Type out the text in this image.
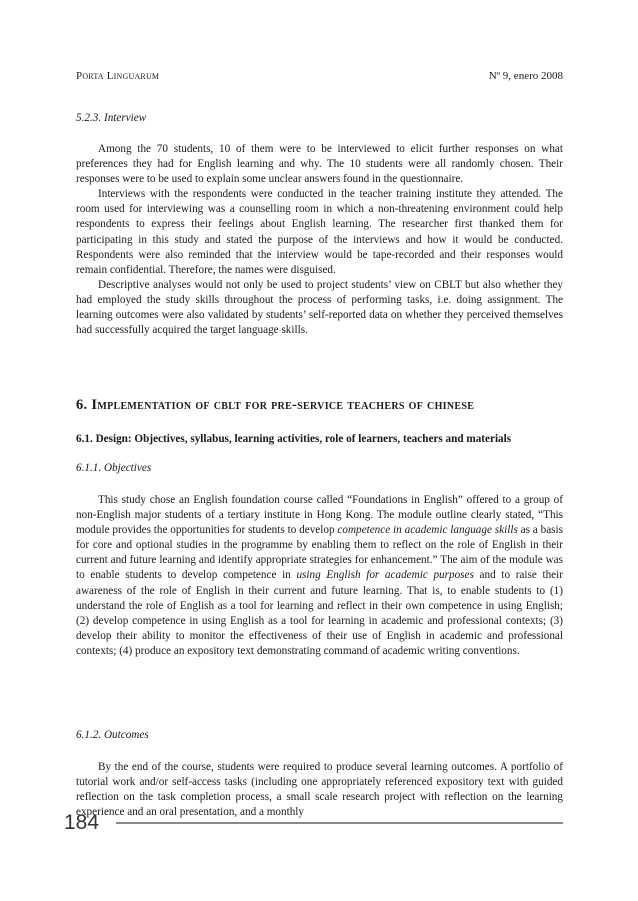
Porta Linguarum	Nº 9, enero 2008
5.2.3. Interview

Among the 70 students, 10 of them were to be interviewed to elicit further responses on what preferences they had for English learning and why. The 10 students were all randomly chosen. Their responses were to be used to explain some unclear answers found in the questionnaire.

Interviews with the respondents were conducted in the teacher training institute they attended. The room used for interviewing was a counselling room in which a non-threatening environment could help respondents to express their feelings about English learning. The researcher first thanked them for participating in this study and stated the purpose of the interviews and how it would be conducted. Respondents were also reminded that the interview would be tape-recorded and their responses would remain confidential. Therefore, the names were disguised.

Descriptive analyses would not only be used to project students’ view on CBLT but also whether they had employed the study skills throughout the process of performing tasks, i.e. doing assignment. The learning outcomes were also validated by students’ self-reported data on whether they perceived themselves had successfully acquired the target language skills.

6. Implementation of cblt for pre-service teachers of chinese
6.1. Design: Objectives, syllabus, learning activities, role of learners, teachers and materials
6.1.1. Objectives

This study chose an English foundation course called “Foundations in English” offered to a group of non-English major students of a tertiary institute in Hong Kong. The module outline clearly stated, “This module provides the opportunities for students to develop competence in academic language skills as a basis for core and optional studies in the programme by enabling them to reflect on the role of English in their current and future learning and identify appropriate strategies for enhancement.” The aim of the module was to enable students to develop competence in using English for academic purposes and to raise their awareness of the role of English in their current and future learning. That is, to enable students to (1) understand the role of English as a tool for learning and reflect in their own competence in using English; (2) develop competence in using English as a tool for learning in academic and professional contexts; (3) develop their ability to monitor the effectiveness of their use of English in academic and professional contexts; (4) produce an expository text demonstrating command of academic writing conventions.

6.1.2. Outcomes

By the end of the course, students were required to produce several learning outcomes. A portfolio of tutorial work and/or self-access tasks (including one appropriately referenced expository text with guided reflection on the task completion process, a small scale research project with reflection on the learning experience and an oral presentation, and a monthly

184
